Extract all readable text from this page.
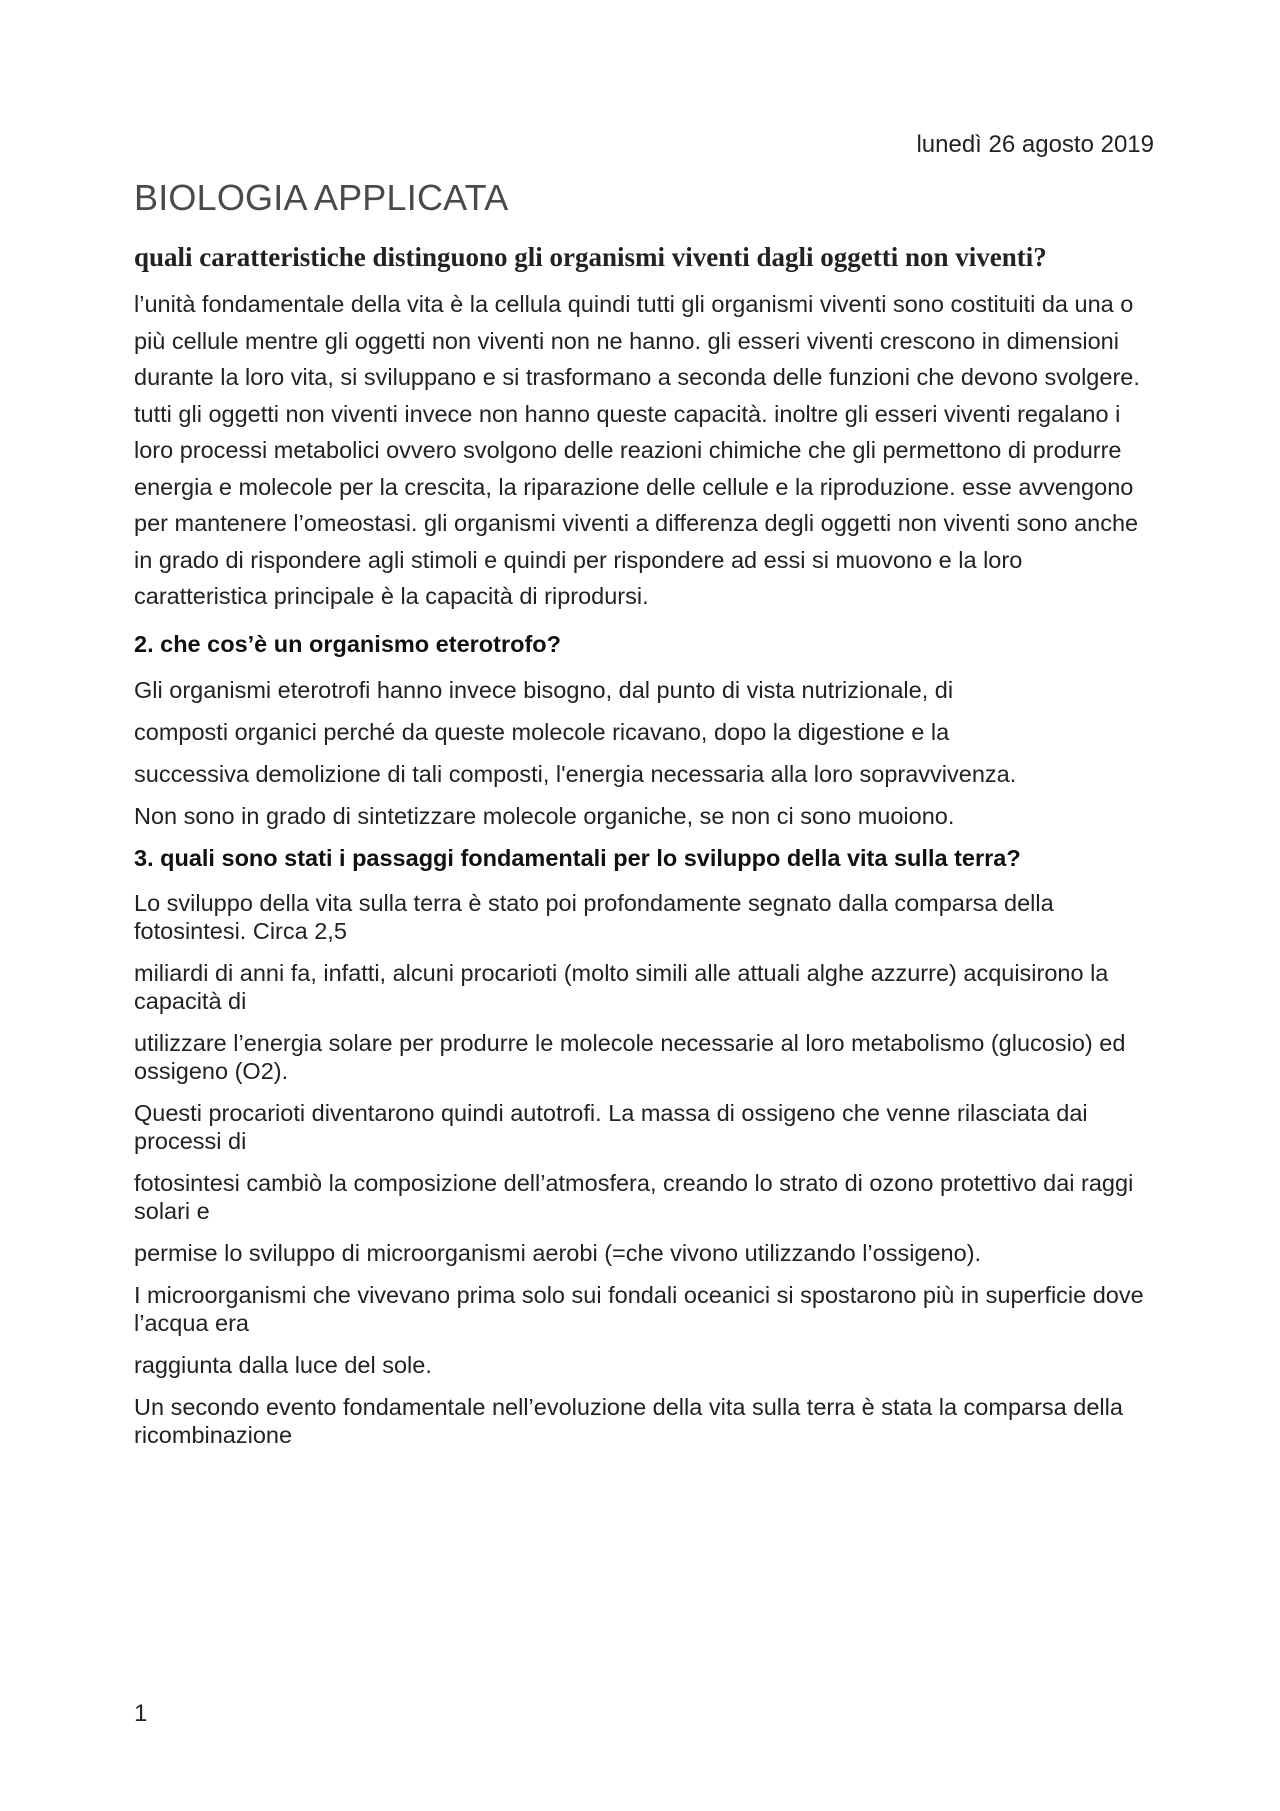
lunedì 26 agosto 2019
BIOLOGIA APPLICATA

quali caratteristiche distinguono gli organismi viventi dagli oggetti non viventi?

l’unità fondamentale della vita è la cellula quindi tutti gli organismi viventi sono costituiti da una o più cellule mentre gli oggetti non viventi non ne hanno. gli esseri viventi crescono in dimensioni durante la loro vita, si sviluppano e si trasformano a seconda delle funzioni che devono svolgere. tutti gli oggetti non viventi invece non hanno queste capacità. inoltre gli esseri viventi regalano i loro processi metabolici ovvero svolgono delle reazioni chimiche che gli permettono di produrre energia e molecole per la crescita, la riparazione delle cellule e la riproduzione. esse avvengono per mantenere l’omeostasi. gli organismi viventi a differenza degli oggetti non viventi sono anche in grado di rispondere agli stimoli e quindi per rispondere ad essi si muovono e la loro caratteristica principale è la capacità di riprodursi.

2. che cos’è un organismo eterotrofo?

Gli organismi eterotrofi hanno invece bisogno, dal punto di vista nutrizionale, di

composti organici perché da queste molecole ricavano, dopo la digestione e la

successiva demolizione di tali composti, l'energia necessaria alla loro sopravvivenza.

Non sono in grado di sintetizzare molecole organiche, se non ci sono muoiono.

3. quali sono stati i passaggi fondamentali per lo sviluppo della vita sulla terra?

Lo sviluppo della vita sulla terra è stato poi profondamente segnato dalla comparsa della fotosintesi. Circa 2,5

miliardi di anni fa, infatti, alcuni procarioti (molto simili alle attuali alghe azzurre) acquisirono la capacità di

utilizzare l’energia solare per produrre le molecole necessarie al loro metabolismo (glucosio) ed ossigeno (O2).

Questi procarioti diventarono quindi autotrofi. La massa di ossigeno che venne rilasciata dai processi di

fotosintesi cambiò la composizione dell’atmosfera, creando lo strato di ozono protettivo dai raggi solari e

permise lo sviluppo di microorganismi aerobi (=che vivono utilizzando l’ossigeno).

I microorganismi che vivevano prima solo sui fondali oceanici si spostarono più in superficie dove l’acqua era

raggiunta dalla luce del sole.

Un secondo evento fondamentale nell’evoluzione della vita sulla terra è stata la comparsa della ricombinazione

1
